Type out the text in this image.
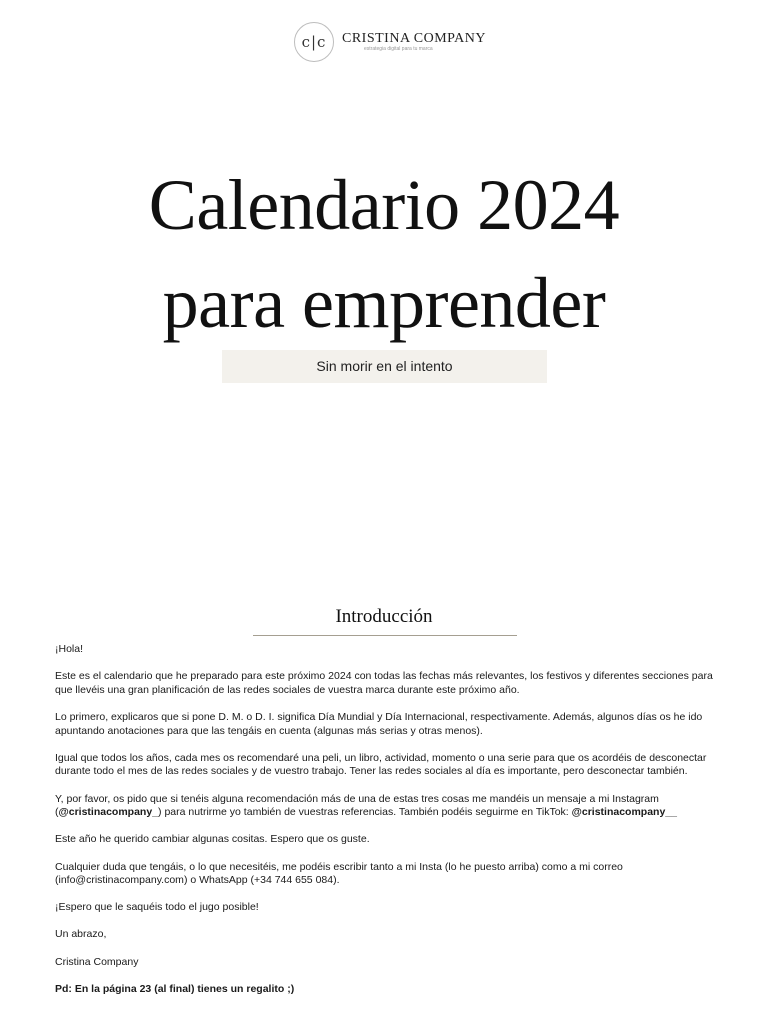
c|c	CRISTINA COMPANY
estrategia digital para tu marca
Calendario 2024
para emprender
Sin morir en el intento
Introducción

¡Hola!

Este es el calendario que he preparado para este próximo 2024 con todas las fechas más relevantes, los festivos y diferentes secciones para que llevéis una gran planificación de las redes sociales de vuestra marca durante este próximo año.

Lo primero, explicaros que si pone D. M. o D. I. significa Día Mundial y Día Internacional, respectivamente. Además, algunos días os he ido apuntando anotaciones para que las tengáis en cuenta (algunas más serias y otras menos).

Igual que todos los años, cada mes os recomendaré una peli, un libro, actividad, momento o una serie para que os acordéis de desconectar durante todo el mes de las redes sociales y de vuestro trabajo. Tener las redes sociales al día es importante, pero desconectar también.

Y, por favor, os pido que si tenéis alguna recomendación más de una de estas tres cosas me mandéis un mensaje a mi Instagram (@cristinacompany_) para nutrirme yo también de vuestras referencias. También podéis seguirme en TikTok: @cristinacompany__

Este año he querido cambiar algunas cositas. Espero que os guste.

Cualquier duda que tengáis, o lo que necesitéis, me podéis escribir tanto a mi Insta (lo he puesto arriba) como a mi correo (info@cristinacompany.com) o WhatsApp (+34 744 655 084).

¡Espero que le saquéis todo el jugo posible!

Un abrazo,

Cristina Company

Pd: En la página 23 (al final) tienes un regalito ;)
